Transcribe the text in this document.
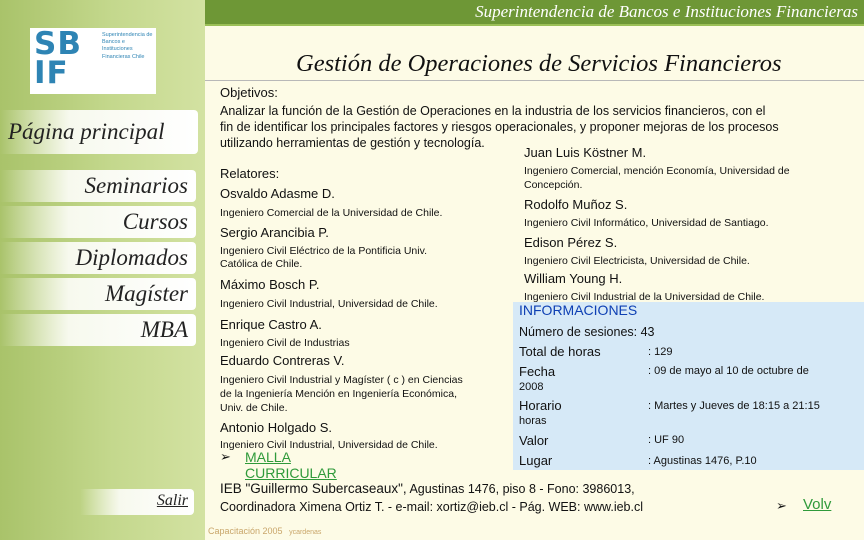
SB
IF
Superintendencia de Bancos e Instituciones Financieras Chile
Superintendencia de Bancos e Instituciones Financieras
Gestión de Operaciones de Servicios Financieros
Página principal
Seminarios
Cursos
Diplomados
Magíster
MBA
Salir
Objetivos:
Analizar la función de la Gestión de Operaciones en la industria de los servicios financieros, con el
fin de identificar los principales factores y riesgos operacionales, y proponer mejoras de los procesos
utilizando herramientas de gestión y tecnología.
Relatores:
Osvaldo Adasme D.
Ingeniero Comercial de la Universidad de Chile.
Sergio Arancibia P.
Ingeniero Civil Eléctrico de la Pontificia Univ.
Católica de Chile.
Máximo Bosch P.
Ingeniero Civil Industrial, Universidad de Chile.
Enrique Castro A.
Ingeniero Civil de Industrias
Eduardo Contreras V.
Ingeniero Civil Industrial y Magíster ( c ) en Ciencias
de la Ingeniería Mención en Ingeniería Económica,
Univ. de Chile.
Antonio Holgado S.
Ingeniero Civil Industrial, Universidad de Chile.
➢ MALLA
CURRICULAR
Juan Luis Köstner M.
Ingeniero Comercial, mención Economía, Universidad de
Concepción.
Rodolfo Muñoz S.
Ingeniero Civil Informático, Universidad de Santiago.
Edison Pérez S.
Ingeniero Civil Electricista, Universidad de Chile.
William Young H.
Ingeniero Civil Industrial de la Universidad de Chile.
INFORMACIONES
Número de sesiones: 43
Total de horas	: 129
Fecha	: 09 de mayo al 10 de octubre de
2008
Horario	: Martes y Jueves de 18:15 a 21:15
horas
Valor	: UF 90
Lugar	: Agustinas 1476, P.10
IEB "Guillermo Subercaseaux", Agustinas 1476, piso 8 - Fono: 3986013,
Coordinadora Ximena Ortiz T. - e-mail: xortiz@ieb.cl - Pág. WEB: www.ieb.cl	➢ Volv
Capacitación 2005 ycardenas
